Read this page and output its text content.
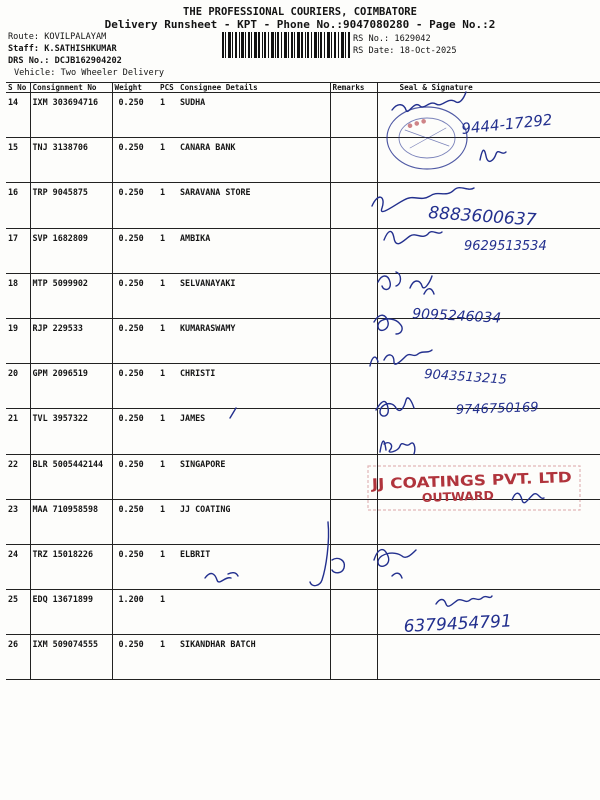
THE PROFESSIONAL COURIERS, COIMBATORE
Delivery Runsheet - KPT - Phone No.:9047080280 - Page No.:2
Route: KOVILPALAYAM
Staff: K.SATHISHKUMAR
DRS No.: DCJB162904202
Vehicle: Two Wheeler Delivery
RS No.: 1629042
RS Date: 18-Oct-2025
S No	Consignment No	Weight	PCS	Consignee Details	Remarks	Seal & Signature
14	IXM 303694716	0.250	1	SUDHA		
15	TNJ 3138706	0.250	1	CANARA BANK		
16	TRP 9045875	0.250	1	SARAVANA STORE		
17	SVP 1682809	0.250	1	AMBIKA		
18	MTP 5099902	0.250	1	SELVANAYAKI		
19	RJP 229533	0.250	1	KUMARASWAMY		
20	GPM 2096519	0.250	1	CHRISTI		
21	TVL 3957322	0.250	1	JAMES		
22	BLR 5005442144	0.250	1	SINGAPORE		
23	MAA 710958598	0.250	1	JJ COATING		
24	TRZ 15018226	0.250	1	ELBRIT		
25	EDQ 13671899	1.200	1			
26	IXM 509074555	0.250	1	SIKANDHAR BATCH		
9444-17292
8883600637
9629513534
9095246034
9043513215
9746750169
6379454791
JJ COATINGS PVT. LTD
OUTWARD
● ● ●
